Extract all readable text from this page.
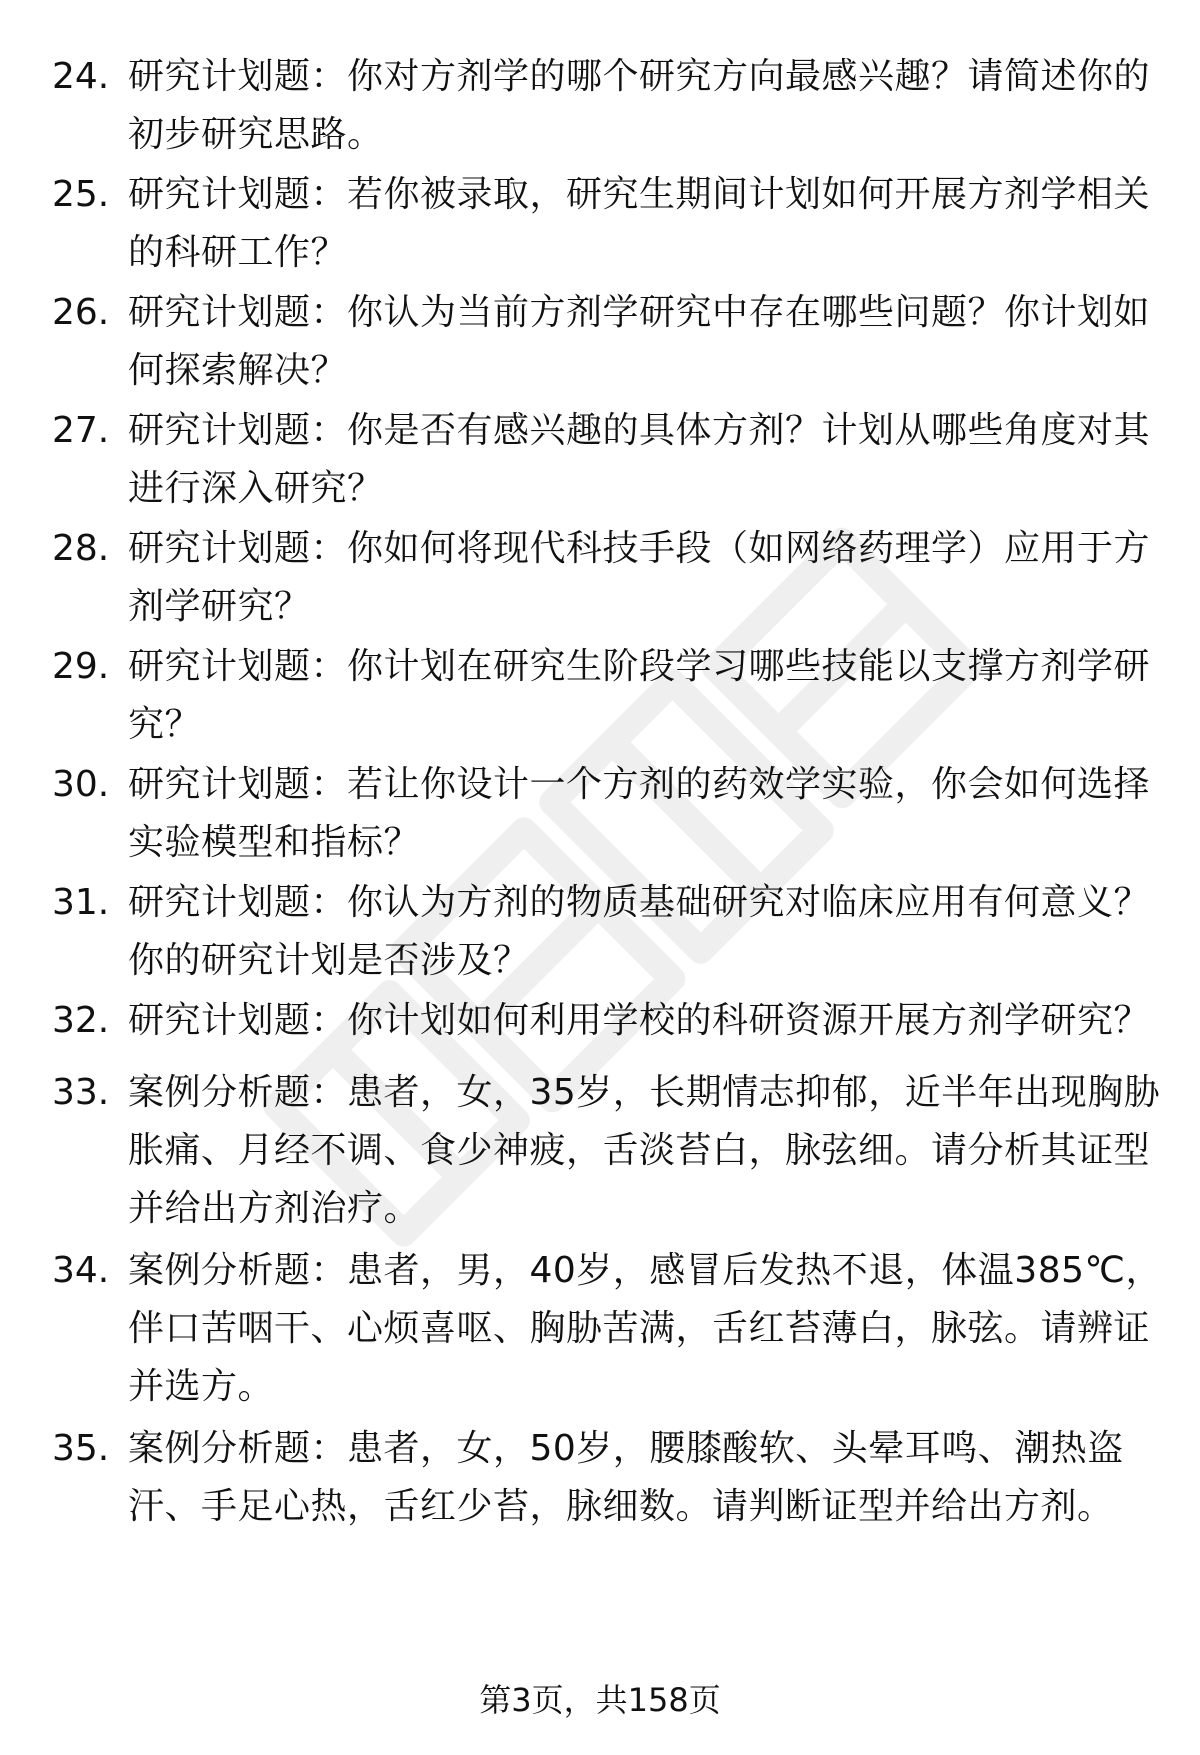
24. 研究计划题：你对方剂学的哪个研究方向最感兴趣？请简述你的
初步研究思路。
25. 研究计划题：若你被录取，研究生期间计划如何开展方剂学相关
的科研工作？
26. 研究计划题：你认为当前方剂学研究中存在哪些问题？你计划如
何探索解决？
27. 研究计划题：你是否有感兴趣的具体方剂？计划从哪些角度对其
进行深入研究？
28. 研究计划题：你如何将现代科技手段（如网络药理学）应用于方
剂学研究？
29. 研究计划题：你计划在研究生阶段学习哪些技能以支撑方剂学研
究？
30. 研究计划题：若让你设计一个方剂的药效学实验，你会如何选择
实验模型和指标？
31. 研究计划题：你认为方剂的物质基础研究对临床应用有何意义？
你的研究计划是否涉及？
32. 研究计划题：你计划如何利用学校的科研资源开展方剂学研究？
33. 案例分析题：患者，女，35岁，长期情志抑郁，近半年出现胸胁
胀痛、月经不调、食少神疲，舌淡苔白，脉弦细。请分析其证型
并给出方剂治疗。
34. 案例分析题：患者，男，40岁，感冒后发热不退，体温385℃，
伴口苦咽干、心烦喜呕、胸胁苦满，舌红苔薄白，脉弦。请辨证
并选方。
35. 案例分析题：患者，女，50岁，腰膝酸软、头晕耳鸣、潮热盗
汗、手足心热，舌红少苔，脉细数。请判断证型并给出方剂。
第3页，共158页
